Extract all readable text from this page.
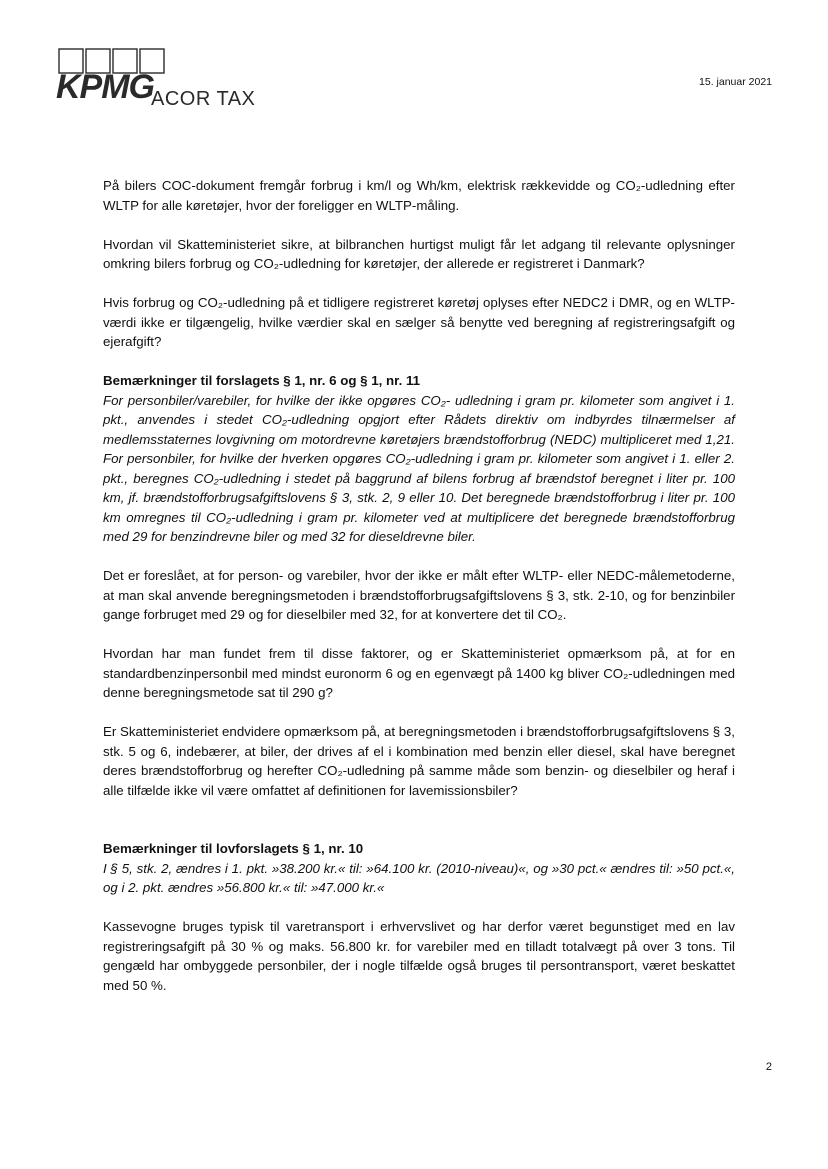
KPMG
ACOR TAX
15. januar 2021

På bilers COC-dokument fremgår forbrug i km/l og Wh/km, elektrisk rækkevidde og CO₂-udledning efter WLTP for alle køretøjer, hvor der foreligger en WLTP-måling.

Hvordan vil Skatteministeriet sikre, at bilbranchen hurtigst muligt får let adgang til relevante oplysninger omkring bilers forbrug og CO₂-udledning for køretøjer, der allerede er registreret i Danmark?

Hvis forbrug og CO₂-udledning på et tidligere registreret køretøj oplyses efter NEDC2 i DMR, og en WLTP-værdi ikke er tilgængelig, hvilke værdier skal en sælger så benytte ved beregning af registreringsafgift og ejerafgift?

Bemærkninger til forslagets § 1, nr. 6 og § 1, nr. 11

For personbiler/varebiler, for hvilke der ikke opgøres CO₂- udledning i gram pr. kilometer som angivet i 1. pkt., anvendes i stedet CO₂-udledning opgjort efter Rådets direktiv om indbyrdes tilnærmelser af medlemsstaternes lovgivning om motordrevne køretøjers brændstofforbrug (NEDC) multipliceret med 1,21. For personbiler, for hvilke der hverken opgøres CO₂-udledning i gram pr. kilometer som angivet i 1. eller 2. pkt., beregnes CO₂-udledning i stedet på baggrund af bilens forbrug af brændstof beregnet i liter pr. 100 km, jf. brændstofforbrugsafgiftslovens § 3, stk. 2, 9 eller 10. Det beregnede brændstofforbrug i liter pr. 100 km omregnes til CO₂-udledning i gram pr. kilometer ved at multiplicere det beregnede brændstofforbrug med 29 for benzindrevne biler og med 32 for dieseldrevne biler.

Det er foreslået, at for person- og varebiler, hvor der ikke er målt efter WLTP- eller NEDC-målemetoderne, at man skal anvende beregningsmetoden i brændstofforbrugsafgiftslovens § 3, stk. 2-10, og for benzinbiler gange forbruget med 29 og for dieselbiler med 32, for at konvertere det til CO₂.

Hvordan har man fundet frem til disse faktorer, og er Skatteministeriet opmærksom på, at for en standardbenzinpersonbil med mindst euronorm 6 og en egenvægt på 1400 kg bliver CO₂-udledningen med denne beregningsmetode sat til 290 g?

Er Skatteministeriet endvidere opmærksom på, at beregningsmetoden i brændstofforbrugsafgiftslovens § 3, stk. 5 og 6, indebærer, at biler, der drives af el i kombination med benzin eller diesel, skal have beregnet deres brændstofforbrug og herefter CO₂-udledning på samme måde som benzin- og dieselbiler og heraf i alle tilfælde ikke vil være omfattet af definitionen for lavemissionsbiler?

Bemærkninger til lovforslagets § 1, nr. 10

I § 5, stk. 2, ændres i 1. pkt. »38.200 kr.« til: »64.100 kr. (2010-niveau)«, og »30 pct.« ændres til: »50 pct.«, og i 2. pkt. ændres »56.800 kr.« til: »47.000 kr.«

Kassevogne bruges typisk til varetransport i erhvervslivet og har derfor været begunstiget med en lav registreringsafgift på 30 % og maks. 56.800 kr. for varebiler med en tilladt totalvægt på over 3 tons. Til gengæld har ombyggede personbiler, der i nogle tilfælde også bruges til persontransport, været beskattet med 50 %.

2
